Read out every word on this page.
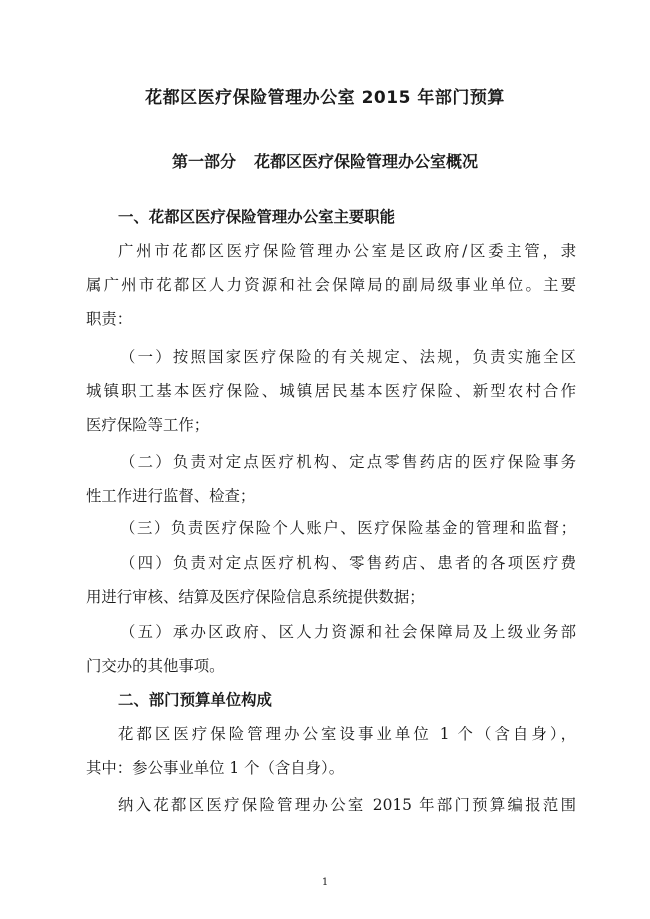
花都区医疗保险管理办公室 2015 年部门预算
第一部分 花都区医疗保险管理办公室概况
一、花都区医疗保险管理办公室主要职能
广州市花都区医疗保险管理办公室是区政府/区委主管，隶
属广州市花都区人力资源和社会保障局的副局级事业单位。主要
职责：
（一）按照国家医疗保险的有关规定、法规，负责实施全区
城镇职工基本医疗保险、城镇居民基本医疗保险、新型农村合作
医疗保险等工作；
（二）负责对定点医疗机构、定点零售药店的医疗保险事务
性工作进行监督、检查；
（三）负责医疗保险个人账户、医疗保险基金的管理和监督；
（四）负责对定点医疗机构、零售药店、患者的各项医疗费
用进行审核、结算及医疗保险信息系统提供数据；
（五）承办区政府、区人力资源和社会保障局及上级业务部
门交办的其他事项。
二、部门预算单位构成
花都区医疗保险管理办公室设事业单位 1 个（含自身），
其中：参公事业单位 1 个（含自身）。
纳入花都区医疗保险管理办公室 2015 年部门预算编报范围
1
